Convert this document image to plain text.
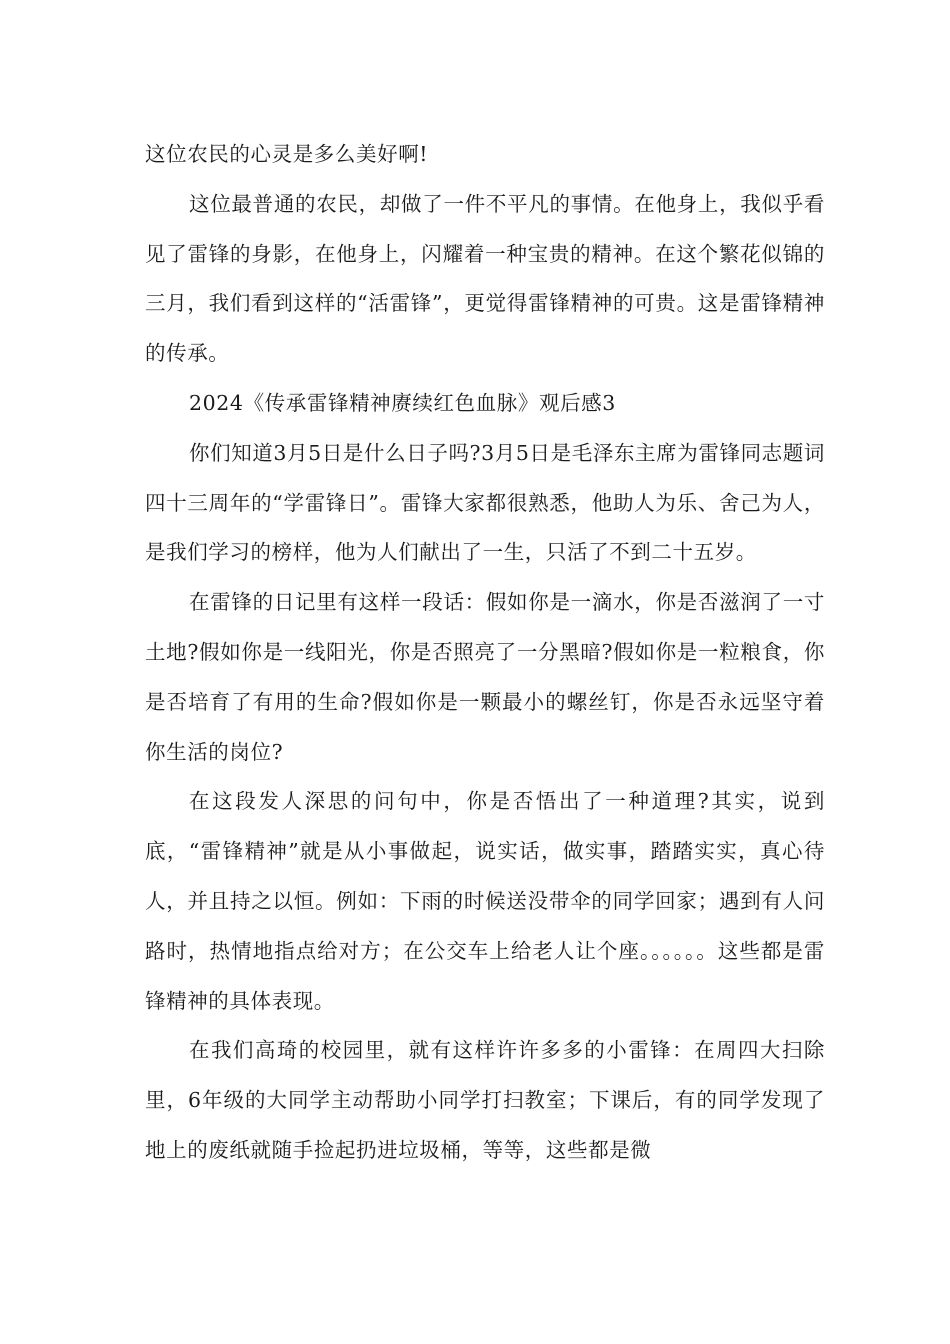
这位农民的心灵是多么美好啊!

这位最普通的农民，却做了一件不平凡的事情。在他身上，我似乎看见了雷锋的身影，在他身上，闪耀着一种宝贵的精神。在这个繁花似锦的三月，我们看到这样的“活雷锋”，更觉得雷锋精神的可贵。这是雷锋精神的传承。

2024《传承雷锋精神赓续红色血脉》观后感3

你们知道3月5日是什么日子吗?3月5日是毛泽东主席为雷锋同志题词四十三周年的“学雷锋日”。雷锋大家都很熟悉，他助人为乐、舍己为人，是我们学习的榜样，他为人们献出了一生，只活了不到二十五岁。

在雷锋的日记里有这样一段话：假如你是一滴水，你是否滋润了一寸土地?假如你是一线阳光，你是否照亮了一分黑暗?假如你是一粒粮食，你是否培育了有用的生命?假如你是一颗最小的螺丝钉，你是否永远坚守着你生活的岗位?

在这段发人深思的问句中，你是否悟出了一种道理?其实，说到底，“雷锋精神”就是从小事做起，说实话，做实事，踏踏实实，真心待人，并且持之以恒。例如：下雨的时候送没带伞的同学回家；遇到有人问路时，热情地指点给对方；在公交车上给老人让个座。。。。。。这些都是雷锋精神的具体表现。

在我们高琦的校园里，就有这样许许多多的小雷锋：在周四大扫除里，6年级的大同学主动帮助小同学打扫教室；下课后，有的同学发现了地上的废纸就随手捡起扔进垃圾桶，等等，这些都是微
